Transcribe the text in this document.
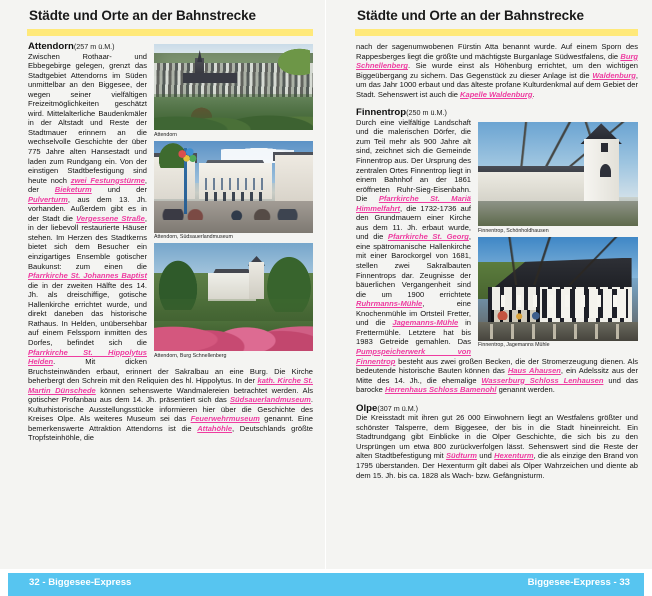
Städte und Orte an der Bahnstrecke
Attendorn
Attendorn, Südsauerlandmuseum
Attendorn, Burg Schnellenberg

Attendorn(257 m ü.M.)
Zwischen Rothaar- und Ebbegebirge gelegen, grenzt das Stadtgebiet Attendorns im Süden unmittelbar an den Biggesee, der wegen seiner vielfältigen Freizeitmöglichkeiten geschätzt wird. Mittelalterliche Baudenkmäler in der Altstadt und Reste der Stadtmauer erinnern an die wechselvolle Geschichte der über 775 Jahre alten Hansestadt und laden zum Rundgang ein. Von der einstigen Stadtbefestigung sind heute noch zwei Festungstürme, der Bieketurm und der Pulverturm, aus dem 13. Jh. vorhanden. Außerdem gibt es in der Stadt die Vergessene Straße, in der liebevoll restaurierte Häuser stehen. Im Herzen des Stadtkerns bietet sich dem Besucher ein einzigartiges Ensemble gotischer Baukunst: zum einen die Pfarrkirche St. Johannes Baptist die in der zweiten Hälfte des 14. Jh. als dreischiffige, gotische Hallenkirche errichtet wurde, und direkt daneben das historische Rathaus. In Helden, unübersehbar auf einem Felssporn inmitten des Dorfes, befindet sich die Pfarrkirche St. Hippolytus Helden. Mit dicken Bruchsteinwänden erbaut, erinnert der Sakralbau an eine Burg. Die Kirche beherbergt den Schrein mit den Reliquien des hl. Hippolytus. In der kath. Kirche St. Martin Dünschede können sehenswerte Wandmalereien betrachtet werden. Als gotischer Profanbau aus dem 14. Jh. präsentiert sich das Südsauerlandmuseum. Kulturhistorische Ausstellungsstücke informieren hier über die Geschichte des Kreises Olpe. Als weiteres Museum sei das Feuerwehrmuseum genannt. Eine bemerkenswerte Attraktion Attendorns ist die Attahöhle, Deutschlands größte Tropfsteinhöhle, die

Städte und Orte an der Bahnstrecke

nach der sagenumwobenen Fürstin Atta benannt wurde. Auf einem Sporn des Rappesberges liegt die größte und mächtigste Burganlage Südwestfalens, die Burg Schnellenberg. Sie wurde einst als Höhenburg errichtet, um den wichtigen Biggeübergang zu sichern. Das Gegenstück zu dieser Anlage ist die Waldenburg, um das Jahr 1000 erbaut und das älteste profane Kulturdenkmal auf dem Gebiet der Stadt. Sehenswert ist auch die Kapelle Waldenburg.

Finnentrop, Schönholdhausen
Finnentrop, Jagemanns Mühle

Finnentrop(250 m ü.M.)
Durch eine vielfältige Landschaft und die malerischen Dörfer, die zum Teil mehr als 900 Jahre alt sind, zeichnet sich die Gemeinde Finnentrop aus. Der Ursprung des zentralen Ortes Finnentrop liegt in einem Bahnhof an der 1861 eröffneten Ruhr-Sieg-Eisenbahn. Die Pfarrkirche St. Mariä Himmelfahrt, die 1732-1736 auf den Grundmauern einer Kirche aus dem 11. Jh. erbaut wurde, und die Pfarrkirche St. Georg, eine spätromanische Hallenkirche mit einer Barockorgel von 1681, stellen zwei Sakralbauten Finnentrops dar. Zeugnisse der bäuerlichen Vergangenheit sind die um 1900 errichtete Ruhrmanns-Mühle, eine Knochenmühle im Ortsteil Fretter, und die Jagemanns-Mühle in Frettermühle. Letztere hat bis 1983 Getreide gemahlen. Das Pumpspeicherwerk von Finnentrop besteht aus zwei großen Becken, die der Stromerzeugung dienen. Als bedeutende historische Bauten können das Haus Ahausen, ein Adelssitz aus der Mitte des 14. Jh., die ehemalige Wasserburg Schloss Lenhausen und das barocke Herrenhaus Schloss Bamenohl genannt werden.

Olpe(307 m ü.M.)
Die Kreisstadt mit ihren gut 26 000 Einwohnern liegt an Westfalens größter und schönster Talsperre, dem Biggesee, der bis in die Stadt hineinreicht. Ein Stadtrundgang gibt Einblicke in die Olper Geschichte, die sich bis zu den Ursprüngen um etwa 800 zurückverfolgen lässt. Sehenswert sind die Reste der alten Stadtbefestigung mit Südturm und Hexenturm, die als einzige den Brand von 1795 überstanden. Der Hexenturm gilt dabei als Olper Wahrzeichen und diente ab dem 15. Jh. bis ca. 1828 als Wach- bzw. Gefängnisturm.

32 - Biggesee-Express	Biggesee-Express - 33
